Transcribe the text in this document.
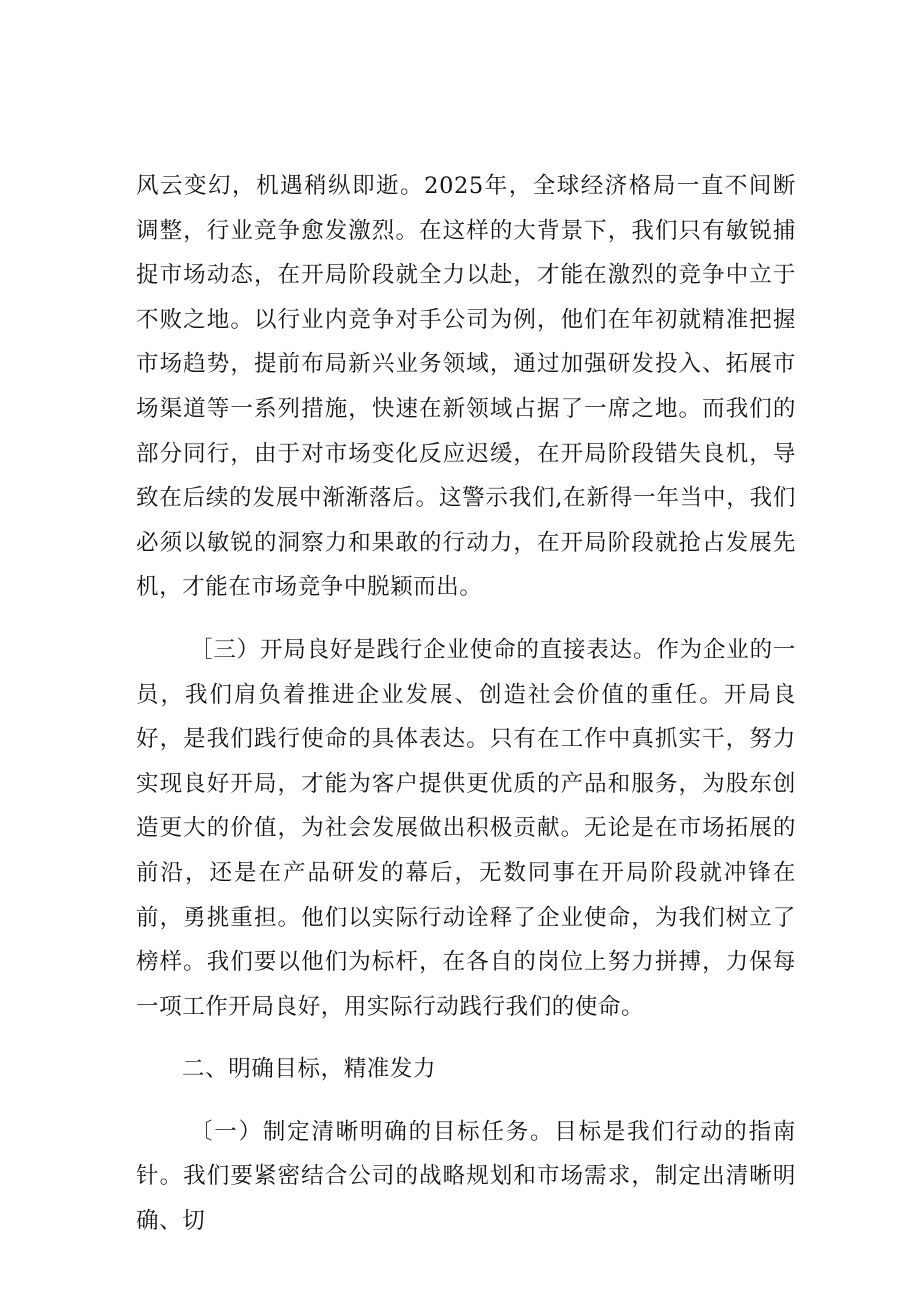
风云变幻，机遇稍纵即逝。2025年，全球经济格局一直不间断调整，行业竞争愈发激烈。在这样的大背景下，我们只有敏锐捕捉市场动态，在开局阶段就全力以赴，才能在激烈的竞争中立于不败之地。以行业内竞争对手公司为例，他们在年初就精准把握市场趋势，提前布局新兴业务领域，通过加强研发投入、拓展市场渠道等一系列措施，快速在新领域占据了一席之地。而我们的部分同行，由于对市场变化反应迟缓，在开局阶段错失良机，导致在后续的发展中渐渐落后。这警示我们,在新得一年当中，我们必须以敏锐的洞察力和果敢的行动力，在开局阶段就抢占发展先机，才能在市场竞争中脱颖而出。

［三）开局良好是践行企业使命的直接表达。作为企业的一员，我们肩负着推进企业发展、创造社会价值的重任。开局良好，是我们践行使命的具体表达。只有在工作中真抓实干，努力实现良好开局，才能为客户提供更优质的产品和服务，为股东创造更大的价值，为社会发展做出积极贡献。无论是在市场拓展的前沿，还是在产品研发的幕后，无数同事在开局阶段就冲锋在前，勇挑重担。他们以实际行动诠释了企业使命，为我们树立了榜样。我们要以他们为标杆，在各自的岗位上努力拼搏，力保每一项工作开局良好，用实际行动践行我们的使命。

二、明确目标，精准发力

〔一）制定清晰明确的目标任务。目标是我们行动的指南针。我们要紧密结合公司的战略规划和市场需求，制定出清晰明确、切
